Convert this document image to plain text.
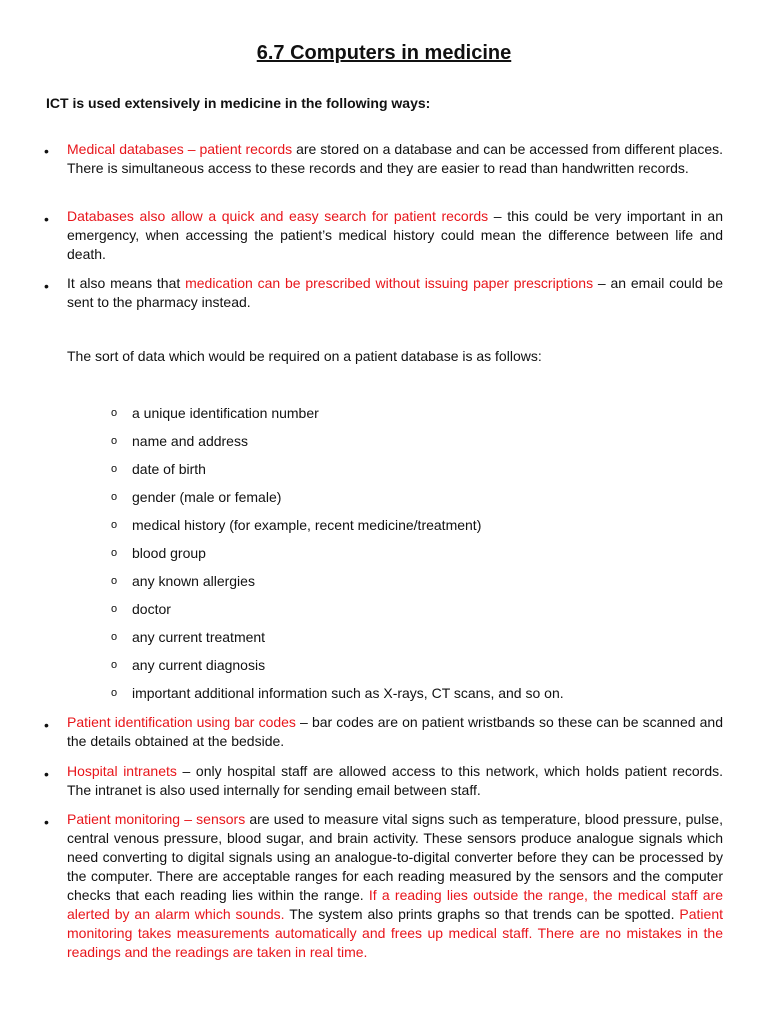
6.7 Computers in medicine

ICT is used extensively in medicine in the following ways:

• Medical databases – patient records are stored on a database and can be accessed from different places. There is simultaneous access to these records and they are easier to read than handwritten records.

• Databases also allow a quick and easy search for patient records – this could be very important in an emergency, when accessing the patient’s medical history could mean the difference between life and death.

• It also means that medication can be prescribed without issuing paper prescriptions – an email could be sent to the pharmacy instead.

The sort of data which would be required on a patient database is as follows:

o a unique identification number
o name and address
o date of birth
o gender (male or female)
o medical history (for example, recent medicine/treatment)
o blood group
o any known allergies
o doctor
o any current treatment
o any current diagnosis
o important additional information such as X-rays, CT scans, and so on.
• Patient identification using bar codes – bar codes are on patient wristbands so these can be scanned and the details obtained at the bedside.

• Hospital intranets – only hospital staff are allowed access to this network, which holds patient records. The intranet is also used internally for sending email between staff.

• Patient monitoring – sensors are used to measure vital signs such as temperature, blood pressure, pulse, central venous pressure, blood sugar, and brain activity. These sensors produce analogue signals which need converting to digital signals using an analogue-to-digital converter before they can be processed by the computer. There are acceptable ranges for each reading measured by the sensors and the computer checks that each reading lies within the range. If a reading lies outside the range, the medical staff are alerted by an alarm which sounds. The system also prints graphs so that trends can be spotted. Patient monitoring takes measurements automatically and frees up medical staff. There are no mistakes in the readings and the readings are taken in real time.
